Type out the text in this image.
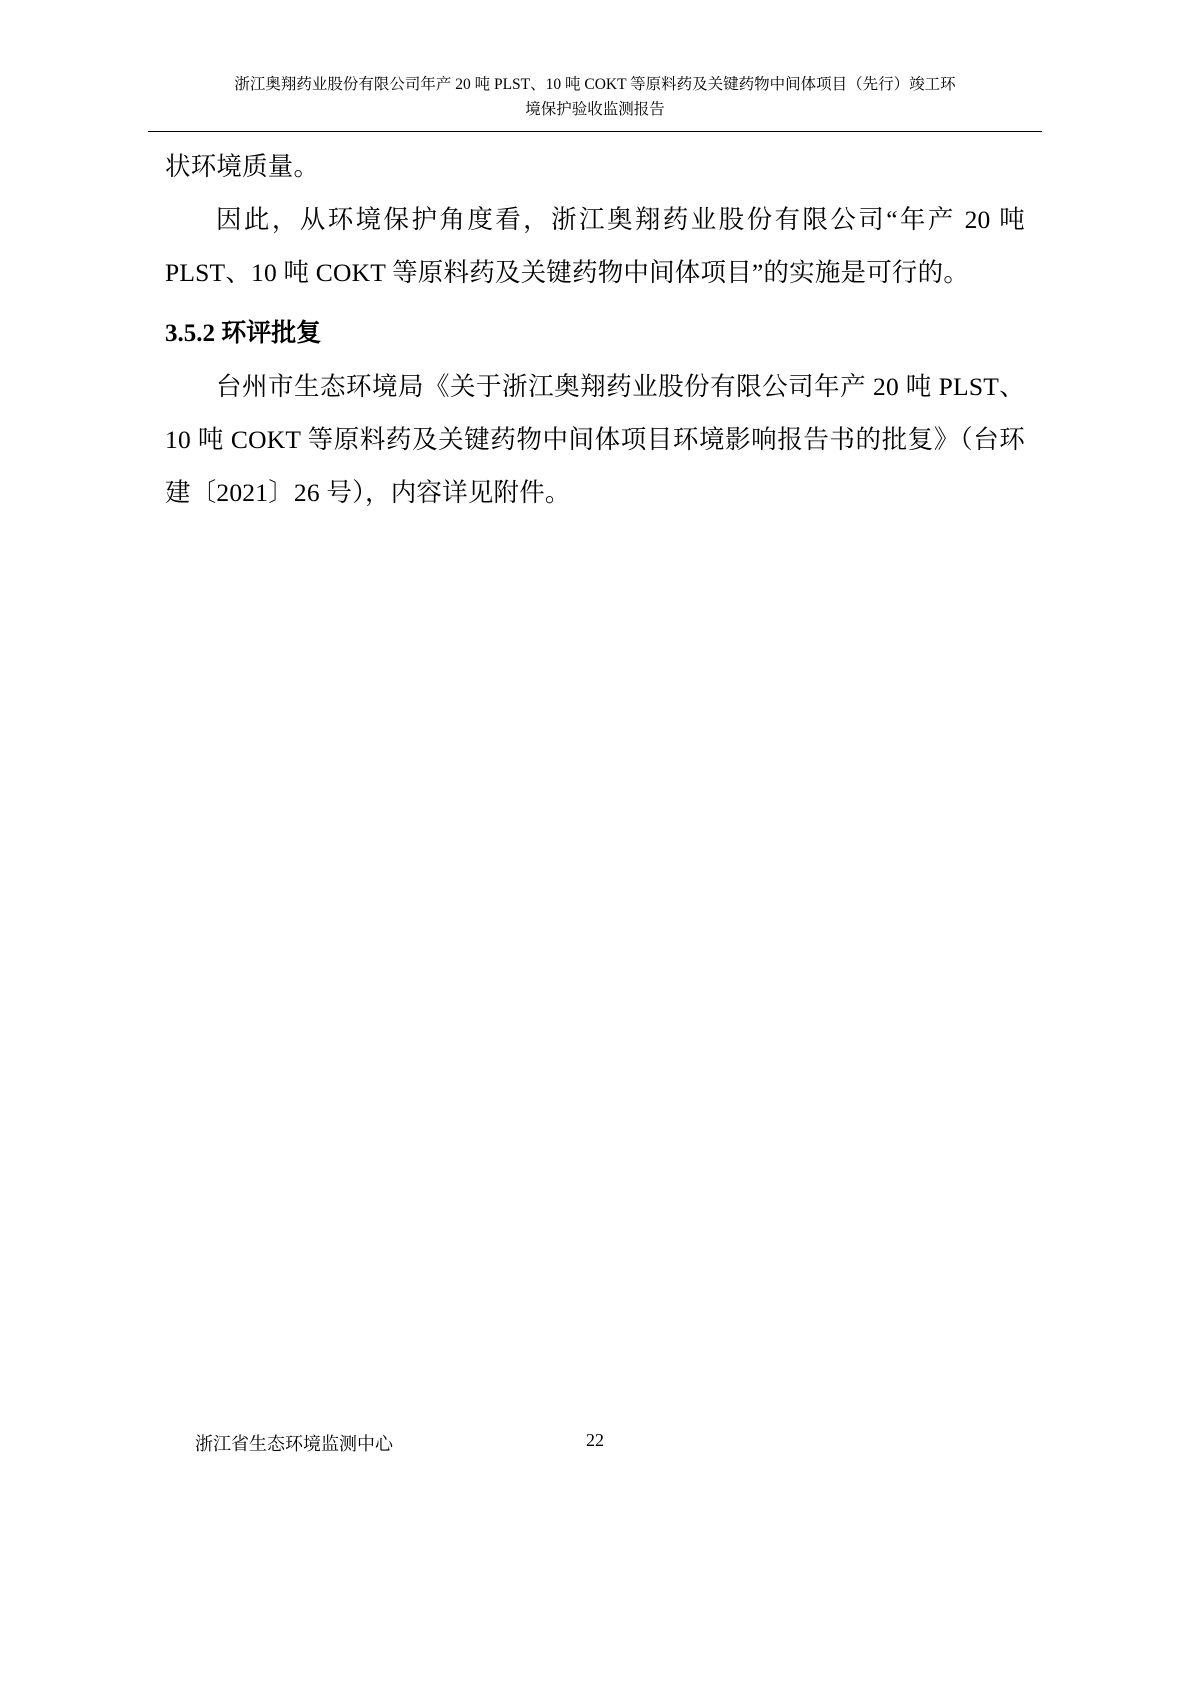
浙江奥翔药业股份有限公司年产 20 吨 PLST、10 吨 COKT 等原料药及关键药物中间体项目（先行）竣工环
境保护验收监测报告

状环境质量。

因此，从环境保护角度看，浙江奥翔药业股份有限公司“年产 20 吨 PLST、10 吨 COKT 等原料药及关键药物中间体项目”的实施是可行的。

3.5.2 环评批复

台州市生态环境局《关于浙江奥翔药业股份有限公司年产 20 吨 PLST、10 吨 COKT 等原料药及关键药物中间体项目环境影响报告书的批复》（台环建〔2021〕26 号），内容详见附件。

浙江省生态环境监测中心	22
